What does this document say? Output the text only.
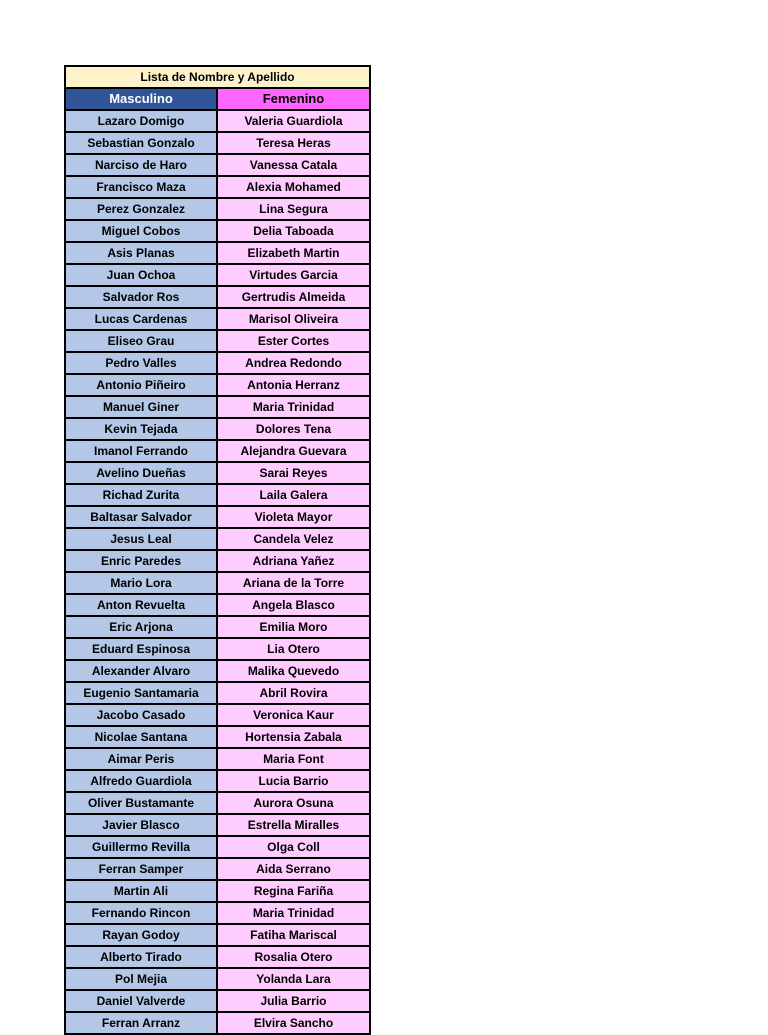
Lista de Nombre y Apellido	
Masculino	Femenino
Lazaro Domigo	Valeria Guardiola
Sebastian Gonzalo	Teresa Heras
Narciso de Haro	Vanessa Catala
Francisco Maza	Alexia Mohamed
Perez Gonzalez	Lina Segura
Miguel Cobos	Delia Taboada
Asis Planas	Elizabeth Martin
Juan Ochoa	Virtudes Garcia
Salvador Ros	Gertrudis Almeida
Lucas Cardenas	Marisol Oliveira
Eliseo Grau	Ester Cortes
Pedro Valles	Andrea Redondo
Antonio Piñeiro	Antonia Herranz
Manuel Giner	Maria Trinidad
Kevin Tejada	Dolores Tena
Imanol Ferrando	Alejandra Guevara
Avelino Dueñas	Sarai Reyes
Richad Zurita	Laila Galera
Baltasar Salvador	Violeta Mayor
Jesus Leal	Candela Velez
Enric Paredes	Adriana Yañez
Mario Lora	Ariana de la Torre
Anton Revuelta	Angela Blasco
Eric Arjona	Emilia Moro
Eduard Espinosa	Lia Otero
Alexander Alvaro	Malika Quevedo
Eugenio Santamaria	Abril Rovira
Jacobo Casado	Veronica Kaur
Nicolae Santana	Hortensia Zabala
Aimar Peris	Maria Font
Alfredo Guardiola	Lucia Barrio
Oliver Bustamante	Aurora Osuna
Javier Blasco	Estrella Miralles
Guillermo Revilla	Olga Coll
Ferran Samper	Aida Serrano
Martin Ali	Regina Fariña
Fernando Rincon	Maria Trinidad
Rayan Godoy	Fatiha Mariscal
Alberto Tirado	Rosalia Otero
Pol Mejia	Yolanda Lara
Daniel Valverde	Julia Barrio
Ferran Arranz	Elvira Sancho
